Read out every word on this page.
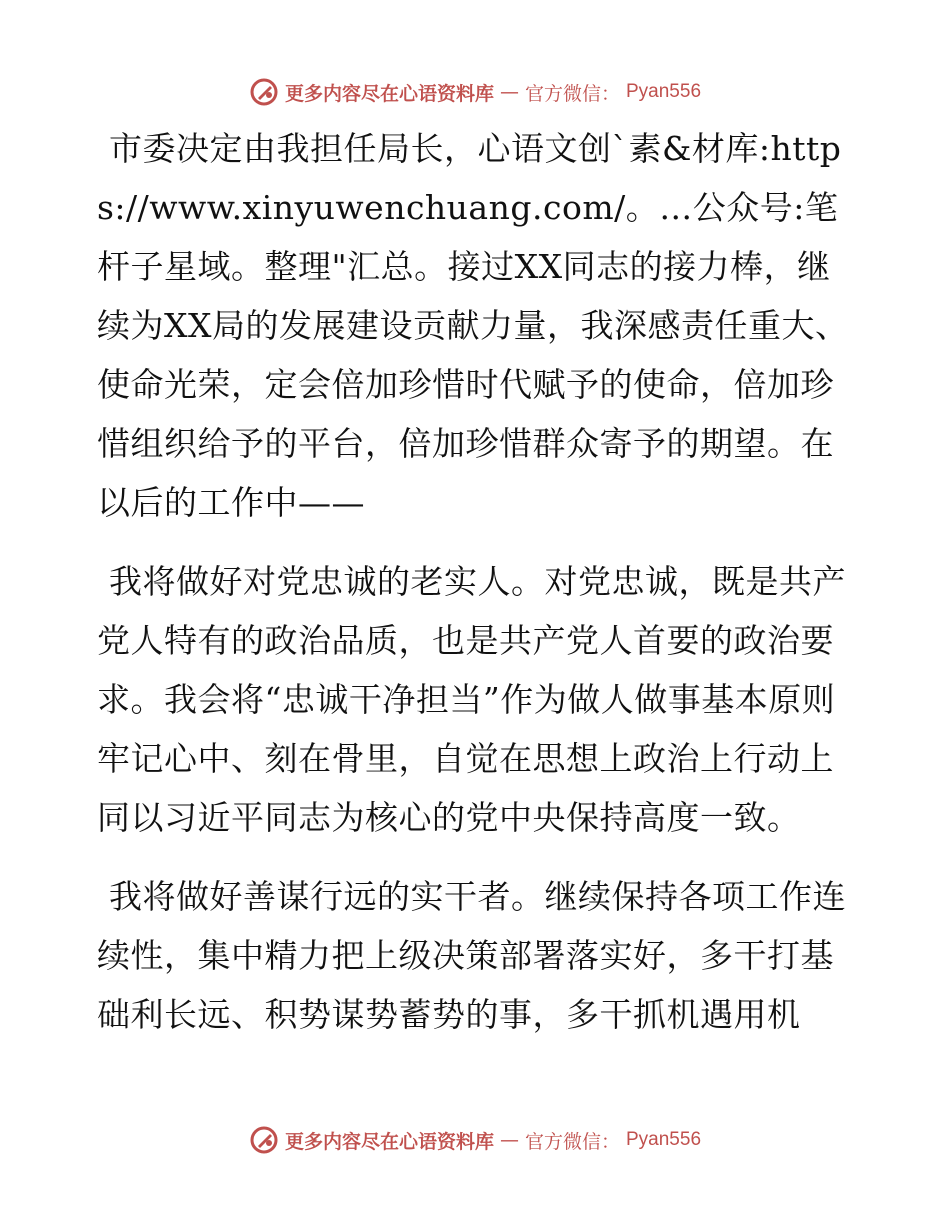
更多内容尽在心语资料库 — 官方微信： Pyan556

市委决定由我担任局长，心语文创`素&材库:https://www.xinyuwenchuang.com/。…公众号:笔杆子星域。整理"汇总。接过XX同志的接力棒，继续为XX局的发展建设贡献力量，我深感责任重大、使命光荣，定会倍加珍惜时代赋予的使命，倍加珍惜组织给予的平台，倍加珍惜群众寄予的期望。在以后的工作中——

我将做好对党忠诚的老实人。对党忠诚，既是共产党人特有的政治品质，也是共产党人首要的政治要求。我会将“忠诚干净担当”作为做人做事基本原则牢记心中、刻在骨里，自觉在思想上政治上行动上同以习近平同志为核心的党中央保持高度一致。

我将做好善谋行远的实干者。继续保持各项工作连续性，集中精力把上级决策部署落实好，多干打基础利长远、积势谋势蓄势的事，多干抓机遇用机

更多内容尽在心语资料库 — 官方微信： Pyan556
